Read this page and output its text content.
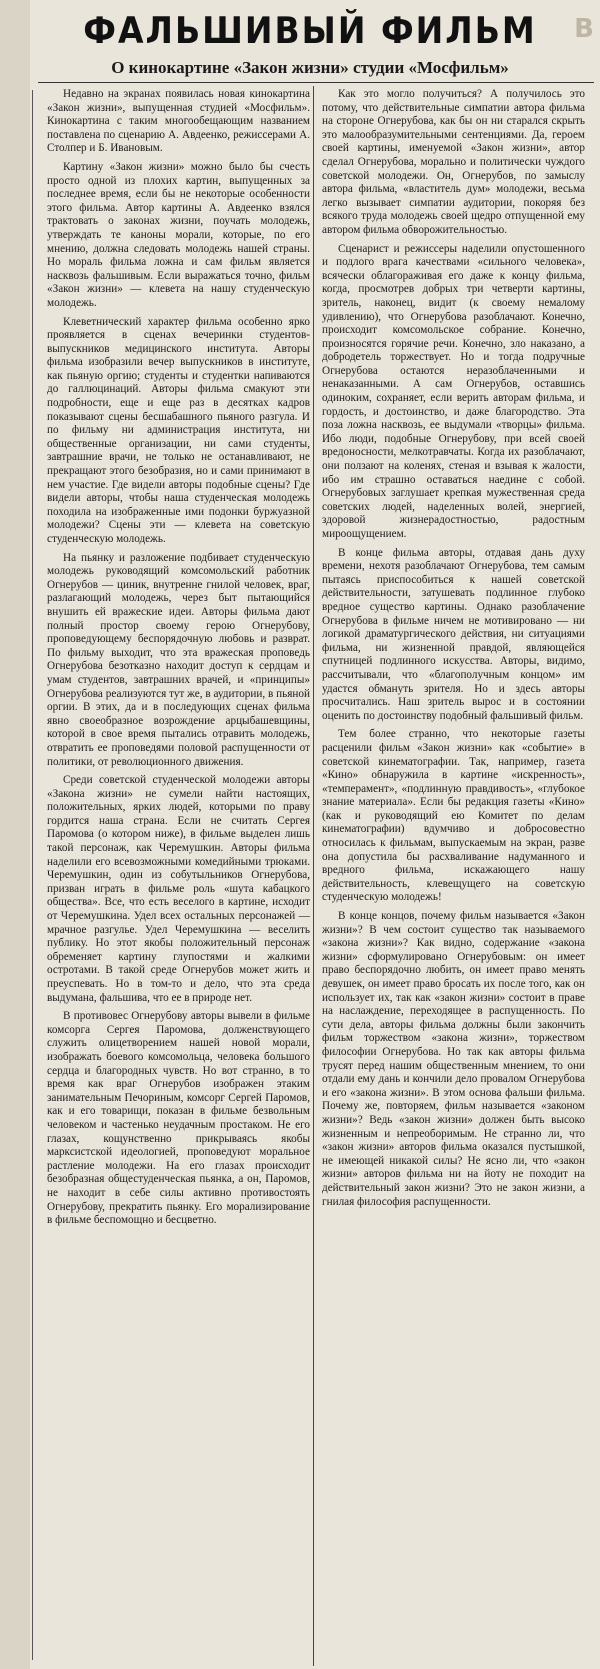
В
ФАЛЬШИВЫЙ ФИЛЬМ
О кинокартине «Закон жизни» студии «Мосфильм»

Недавно на экранах появилась новая кинокартина «Закон жизни», выпущенная студией «Мосфильм». Кинокартина с таким многообещающим названием поставлена по сценарию А. Авдеенко, режиссерами А. Столпер и Б. Ивановым.

Картину «Закон жизни» можно было бы счесть просто одной из плохих картин, выпущенных за последнее время, если бы не некоторые особенности этого фильма. Автор картины А. Авдеенко взялся трактовать о законах жизни, поучать молодежь, утверждать те каноны морали, которые, по его мнению, должна следовать молодежь нашей страны. Но мораль фильма ложна и сам фильм является насквозь фальшивым. Если выражаться точно, фильм «Закон жизни» — клевета на нашу студенческую молодежь.

Клеветнический характер фильма особенно ярко проявляется в сценах вечеринки студентов-выпускников медицинского института. Авторы фильма изобразили вечер выпускников в институте, как пьяную оргию; студенты и студентки напиваются до галлюцинаций. Авторы фильма смакуют эти подробности, еще и еще раз в десятках кадров показывают сцены бесшабашного пьяного разгула. И по фильму ни администрация института, ни общественные организации, ни сами студенты, завтрашние врачи, не только не останавливают, не прекращают этого безобразия, но и сами принимают в нем участие. Где видели авторы подобные сцены? Где видели авторы, чтобы наша студенческая молодежь походила на изображенные ими подонки буржуазной молодежи? Сцены эти — клевета на советскую студенческую молодежь.

На пьянку и разложение подбивает студенческую молодежь руководящий комсомольский работник Огнерубов — циник, внутренне гнилой человек, враг, разлагающий молодежь, через быт пытающийся внушить ей вражеские идеи. Авторы фильма дают полный простор своему герою Огнерубову, проповедующему беспорядочную любовь и разврат. По фильму выходит, что эта вражеская проповедь Огнерубова безотказно находит доступ к сердцам и умам студентов, завтрашних врачей, и «принципы» Огнерубова реализуются тут же, в аудитории, в пьяной оргии. В этих, да и в последующих сценах фильма явно своеобразное возрождение арцыбашевщины, которой в свое время пытались отравить молодежь, отвратить ее проповедями половой распущенности от политики, от революционного движения.

Среди советской студенческой молодежи авторы «Закона жизни» не сумели найти настоящих, положительных, ярких людей, которыми по праву гордится наша страна. Если не считать Сергея Паромова (о котором ниже), в фильме выделен лишь такой персонаж, как Черемушкин. Авторы фильма наделили его всевозможными комедийными трюками. Черемушкин, один из собутыльников Огнерубова, призван играть в фильме роль «шута кабацкого общества». Все, что есть веселого в картине, исходит от Черемушкина. Удел всех остальных персонажей — мрачное разгулье. Удел Черемушкина — веселить публику. Но этот якобы положительный персонаж обременяет картину глупостями и жалкими остротами. В такой среде Огнерубов может жить и преуспевать. Но в том-то и дело, что эта среда выдумана, фальшива, что ее в природе нет.

В противовес Огнерубову авторы вывели в фильме комсорга Сергея Паромова, долженствующего служить олицетворением нашей новой морали, изображать боевого комсомольца, человека большого сердца и благородных чувств. Но вот странно, в то время как враг Огнерубов изображен этаким занимательным Печориным, комсорг Сергей Паромов, как и его товарищи, показан в фильме безвольным человеком и частенько неудачным простаком. Не его глазах, кощунственно прикрываясь якобы марксистской идеологией, проповедуют моральное растление молодежи. На его глазах происходит безобразная общестуденческая пьянка, а он, Паромов, не находит в себе силы активно противостоять Огнерубову, прекратить пьянку. Его морализирование в фильме беспомощно и бесцветно.

Как это могло получиться? А получилось это потому, что действительные симпатии автора фильма на стороне Огнерубова, как бы он ни старался скрыть это малообразумительными сентенциями. Да, героем своей картины, именуемой «Закон жизни», автор сделал Огнерубова, морально и политически чуждого советской молодежи. Он, Огнерубов, по замыслу автора фильма, «властитель дум» молодежи, весьма легко вызывает симпатии аудитории, покоряя без всякого труда молодежь своей щедро отпущенной ему автором фильма обворожительностью.

Сценарист и режиссеры наделили опустошенного и подлого врага качествами «сильного человека», всячески облагораживая его даже к концу фильма, когда, просмотрев добрых три четверти картины, зритель, наконец, видит (к своему немалому удивлению), что Огнерубова разоблачают. Конечно, происходит комсомольское собрание. Конечно, произносятся горячие речи. Конечно, зло наказано, а добродетель торжествует. Но и тогда подручные Огнерубова остаются неразоблаченными и ненаказанными. А сам Огнерубов, оставшись одиноким, сохраняет, если верить авторам фильма, и гордость, и достоинство, и даже благородство. Эта поза ложна насквозь, ее выдумали «творцы» фильма. Ибо люди, подобные Огнерубову, при всей своей вредоносности, мелкотравчаты. Когда их разоблачают, они ползают на коленях, стеная и взывая к жалости, ибо им страшно оставаться наедине с собой. Огнерубовых заглушает крепкая мужественная среда советских людей, наделенных волей, энергией, здоровой жизнерадостностью, радостным мироощущением.

В конце фильма авторы, отдавая дань духу времени, нехотя разоблачают Огнерубова, тем самым пытаясь приспособиться к нашей советской действительности, затушевать подлинное глубоко вредное существо картины. Однако разоблачение Огнерубова в фильме ничем не мотивировано — ни логикой драматургического действия, ни ситуациями фильма, ни жизненной правдой, являющейся спутницей подлинного искусства. Авторы, видимо, рассчитывали, что «благополучным концом» им удастся обмануть зрителя. Но и здесь авторы просчитались. Наш зритель вырос и в состоянии оценить по достоинству подобный фальшивый фильм.

Тем более странно, что некоторые газеты расценили фильм «Закон жизни» как «событие» в советской кинематографии. Так, например, газета «Кино» обнаружила в картине «искренность», «темперамент», «подлинную правдивость», «глубокое знание материала». Если бы редакция газеты «Кино» (как и руководящий ею Комитет по делам кинематографии) вдумчиво и добросовестно относилась к фильмам, выпускаемым на экран, разве она допустила бы расхваливание надуманного и вредного фильма, искажающего нашу действительность, клевещущего на советскую студенческую молодежь!

В конце концов, почему фильм называется «Закон жизни»? В чем состоит существо так называемого «закона жизни»? Как видно, содержание «закона жизни» сформулировано Огнерубовым: он имеет право беспорядочно любить, он имеет право менять девушек, он имеет право бросать их после того, как он использует их, так как «закон жизни» состоит в праве на наслаждение, переходящее в распущенность. По сути дела, авторы фильма должны были закончить фильм торжеством «закона жизни», торжеством философии Огнерубова. Но так как авторы фильма трусят перед нашим общественным мнением, то они отдали ему дань и кончили дело провалом Огнерубова и его «закона жизни». В этом основа фальши фильма. Почему же, повторяем, фильм называется «законом жизни»? Ведь «закон жизни» должен быть высоко жизненным и непреоборимым. Не странно ли, что «закон жизни» авторов фильма оказался пустышкой, не имеющей никакой силы? Не ясно ли, что «закон жизни» авторов фильма ни на йоту не походит на действительный закон жизни? Это не закон жизни, а гнилая философия распущенности.
